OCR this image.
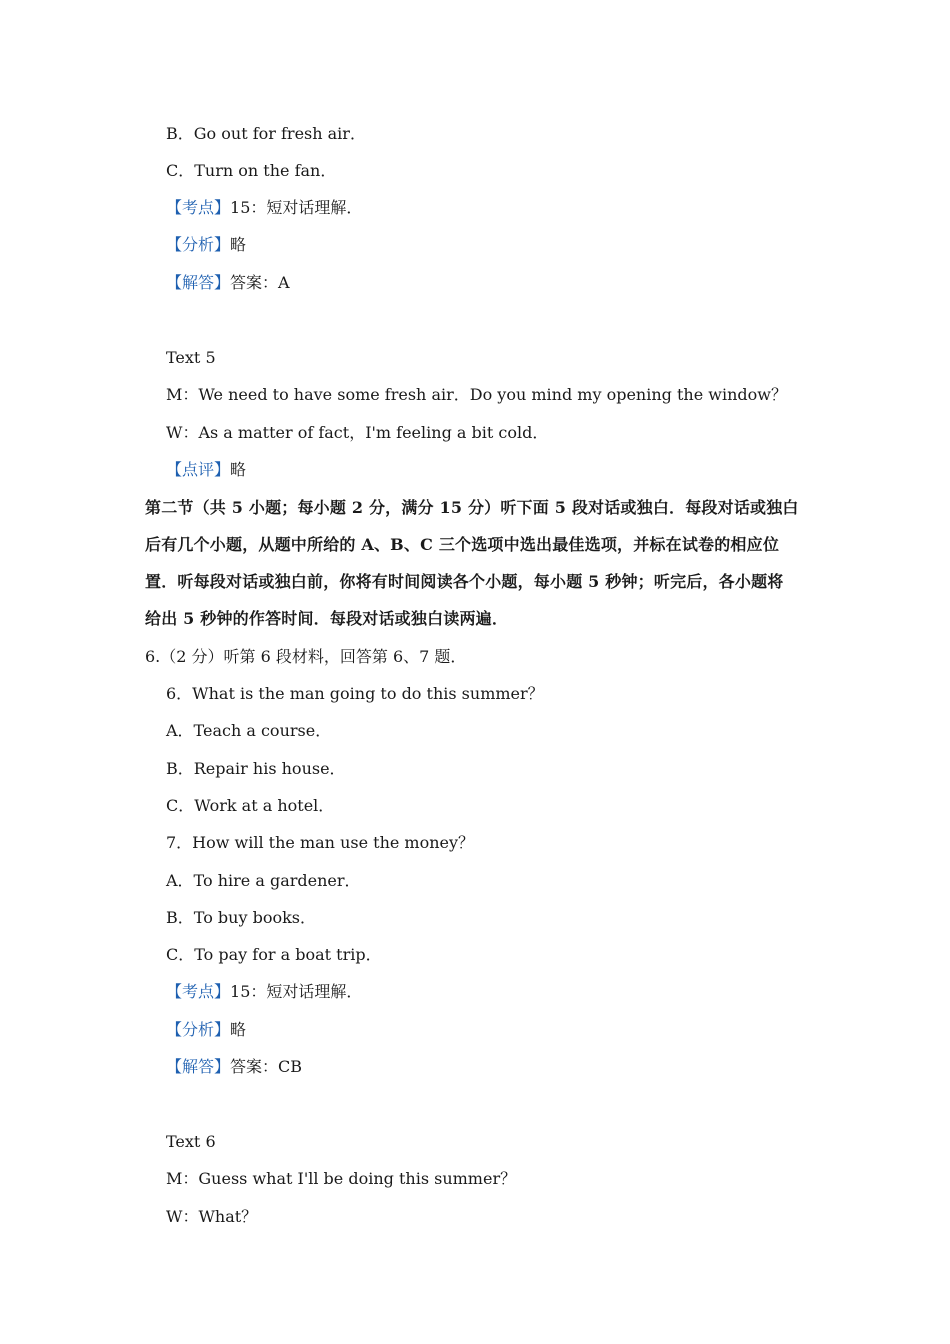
B．Go out for fresh air．
C．Turn on the fan．
【考点】15：短对话理解．
【分析】略
【解答】答案：A
Text 5
M：We need to have some fresh air．Do you mind my opening the window？
W：As a matter of fact，I'm feeling a bit cold．
【点评】略
第二节（共 5 小题；每小题 2 分，满分 15 分）听下面 5 段对话或独白．每段对话或独白
后有几个小题，从题中所给的 A、B、C 三个选项中选出最佳选项，并标在试卷的相应位
置．听每段对话或独白前，你将有时间阅读各个小题，每小题 5 秒钟；听完后，各小题将
给出 5 秒钟的作答时间．每段对话或独白读两遍．
6.（2 分）听第 6 段材料，回答第 6、7 题．
6．What is the man going to do this summer？
A．Teach a course．
B．Repair his house．
C．Work at a hotel．
7．How will the man use the money？
A．To hire a gardener．
B．To buy books．
C．To pay for a boat trip．
【考点】15：短对话理解．
【分析】略
【解答】答案：CB
Text 6
M：Guess what I'll be doing this summer？
W：What？
